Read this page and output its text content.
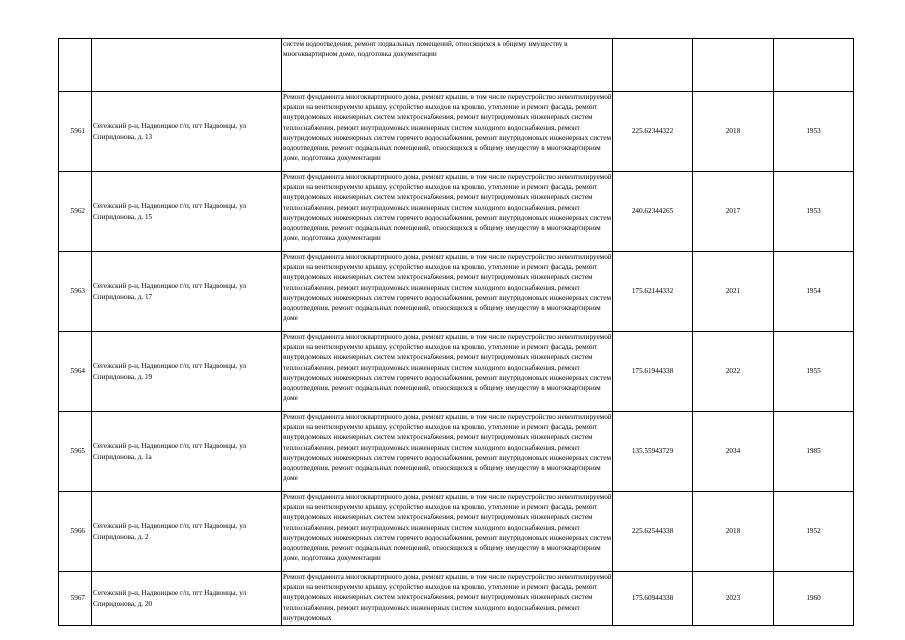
		систем водоотведения, ремонт подвальных помещений, относящихся к общему имуществу в многоквартирном доме, подготовка документации			
5961	Сегежский р-н, Надвоицкое г/п, пгт Надвоицы, ул Спиридонова, д. 13	Ремонт фундамента многоквартирного дома, ремонт крыши, в том числе переустройство невентилируемой крыши на вентилируемую крышу, устройство выходов на кровлю, утепление и ремонт фасада, ремонт внутридомовых инженерных систем электроснабжения, ремонт внутридомовых инженерных систем теплоснабжения, ремонт внутридомовых инженерных систем холодного водоснабжения, ремонт внутридомовых инженерных систем горячего водоснабжения, ремонт внутридомовых инженерных систем водоотведения, ремонт подвальных помещений, относящихся к общему имуществу в многоквартирном доме, подготовка документации	225.62344322	2018	1953
5962	Сегежский р-н, Надвоицкое г/п, пгт Надвоицы, ул Спиридонова, д. 15	Ремонт фундамента многоквартирного дома, ремонт крыши, в том числе переустройство невентилируемой крыши на вентилируемую крышу, устройство выходов на кровлю, утепление и ремонт фасада, ремонт внутридомовых инженерных систем электроснабжения, ремонт внутридомовых инженерных систем теплоснабжения, ремонт внутридомовых инженерных систем холодного водоснабжения, ремонт внутридомовых инженерных систем горячего водоснабжения, ремонт внутридомовых инженерных систем водоотведения, ремонт подвальных помещений, относящихся к общему имуществу в многоквартирном доме, подготовка документации	240.62344265	2017	1953
5963	Сегежский р-н, Надвоицкое г/п, пгт Надвоицы, ул Спиридонова, д. 17	Ремонт фундамента многоквартирного дома, ремонт крыши, в том числе переустройство невентилируемой крыши на вентилируемую крышу, устройство выходов на кровлю, утепление и ремонт фасада, ремонт внутридомовых инженерных систем электроснабжения, ремонт внутридомовых инженерных систем теплоснабжения, ремонт внутридомовых инженерных систем холодного водоснабжения, ремонт внутридомовых инженерных систем горячего водоснабжения, ремонт внутридомовых инженерных систем водоотведения, ремонт подвальных помещений, относящихся к общему имуществу в многоквартирном доме	175.62144332	2021	1954
5964	Сегежский р-н, Надвоицкое г/п, пгт Надвоицы, ул Спиридонова, д. 19	Ремонт фундамента многоквартирного дома, ремонт крыши, в том числе переустройство невентилируемой крыши на вентилируемую крышу, устройство выходов на кровлю, утепление и ремонт фасада, ремонт внутридомовых инженерных систем электроснабжения, ремонт внутридомовых инженерных систем теплоснабжения, ремонт внутридомовых инженерных систем холодного водоснабжения, ремонт внутридомовых инженерных систем горячего водоснабжения, ремонт внутридомовых инженерных систем водоотведения, ремонт подвальных помещений, относящихся к общему имуществу в многоквартирном доме	175.61944338	2022	1955
5965	Сегежский р-н, Надвоицкое г/п, пгт Надвоицы, ул Спиридонова, д. 1а	Ремонт фундамента многоквартирного дома, ремонт крыши, в том числе переустройство невентилируемой крыши на вентилируемую крышу, устройство выходов на кровлю, утепление и ремонт фасада, ремонт внутридомовых инженерных систем электроснабжения, ремонт внутридомовых инженерных систем теплоснабжения, ремонт внутридомовых инженерных систем холодного водоснабжения, ремонт внутридомовых инженерных систем горячего водоснабжения, ремонт внутридомовых инженерных систем водоотведения, ремонт подвальных помещений, относящихся к общему имуществу в многоквартирном доме	135.55943729	2034	1985
5966	Сегежский р-н, Надвоицкое г/п, пгт Надвоицы, ул Спиридонова, д. 2	Ремонт фундамента многоквартирного дома, ремонт крыши, в том числе переустройство невентилируемой крыши на вентилируемую крышу, устройство выходов на кровлю, утепление и ремонт фасада, ремонт внутридомовых инженерных систем электроснабжения, ремонт внутридомовых инженерных систем теплоснабжения, ремонт внутридомовых инженерных систем холодного водоснабжения, ремонт внутридомовых инженерных систем горячего водоснабжения, ремонт внутридомовых инженерных систем водоотведения, ремонт подвальных помещений, относящихся к общему имуществу в многоквартирном доме, подготовка документации	225.62544338	2018	1952
5967	Сегежский р-н, Надвоицкое г/п, пгт Надвоицы, ул Спиридонова, д. 20	Ремонт фундамента многоквартирного дома, ремонт крыши, в том числе переустройство невентилируемой крыши на вентилируемую крышу, устройство выходов на кровлю, утепление и ремонт фасада, ремонт внутридомовых инженерных систем электроснабжения, ремонт внутридомовых инженерных систем теплоснабжения, ремонт внутридомовых инженерных систем холодного водоснабжения, ремонт внутридомовых	175.60944338	2023	1960
